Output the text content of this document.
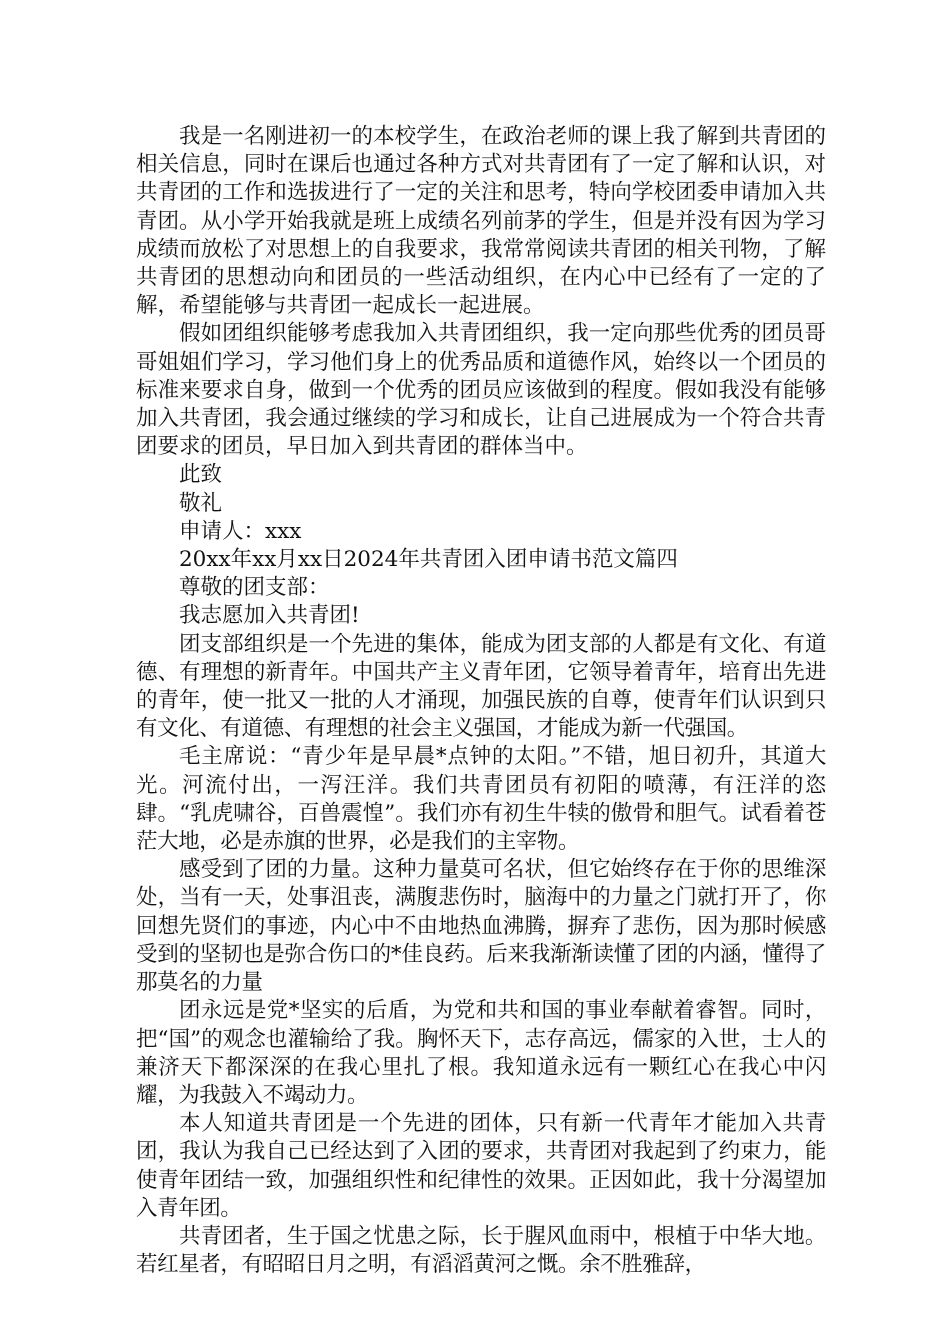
我是一名刚进初一的本校学生，在政治老师的课上我了解到共青团的相关信息，同时在课后也通过各种方式对共青团有了一定了解和认识，对共青团的工作和选拔进行了一定的关注和思考，特向学校团委申请加入共青团。从小学开始我就是班上成绩名列前茅的学生，但是并没有因为学习成绩而放松了对思想上的自我要求，我常常阅读共青团的相关刊物，了解共青团的思想动向和团员的一些活动组织，在内心中已经有了一定的了解，希望能够与共青团一起成长一起进展。

假如团组织能够考虑我加入共青团组织，我一定向那些优秀的团员哥哥姐姐们学习，学习他们身上的优秀品质和道德作风，始终以一个团员的标准来要求自身，做到一个优秀的团员应该做到的程度。假如我没有能够加入共青团，我会通过继续的学习和成长，让自己进展成为一个符合共青团要求的团员，早日加入到共青团的群体当中。

此致

敬礼

申请人：xxx

20xx年xx月xx日2024年共青团入团申请书范文篇四

尊敬的团支部：

我志愿加入共青团!

团支部组织是一个先进的集体，能成为团支部的人都是有文化、有道德、有理想的新青年。中国共产主义青年团，它领导着青年，培育出先进的青年，使一批又一批的人才涌现，加强民族的自尊，使青年们认识到只有文化、有道德、有理想的社会主义强国，才能成为新一代强国。

毛主席说：“青少年是早晨*点钟的太阳。”不错，旭日初升，其道大光。河流付出，一泻汪洋。我们共青团员有初阳的喷薄，有汪洋的恣肆。“乳虎啸谷，百兽震惶”。我们亦有初生牛犊的傲骨和胆气。试看着苍茫大地，必是赤旗的世界，必是我们的主宰物。

感受到了团的力量。这种力量莫可名状，但它始终存在于你的思维深处，当有一天，处事沮丧，满腹悲伤时，脑海中的力量之门就打开了，你回想先贤们的事迹，内心中不由地热血沸腾，摒弃了悲伤，因为那时候感受到的坚韧也是弥合伤口的*佳良药。后来我渐渐读懂了团的内涵，懂得了那莫名的力量

团永远是党*坚实的后盾，为党和共和国的事业奉献着睿智。同时，把“国”的观念也灌输给了我。胸怀天下，志存高远，儒家的入世，士人的兼济天下都深深的在我心里扎了根。我知道永远有一颗红心在我心中闪耀，为我鼓入不竭动力。

本人知道共青团是一个先进的团体，只有新一代青年才能加入共青团，我认为我自己已经达到了入团的要求，共青团对我起到了约束力，能使青年团结一致，加强组织性和纪律性的效果。正因如此，我十分渴望加入青年团。

共青团者，生于国之忧患之际，长于腥风血雨中，根植于中华大地。若红星者，有昭昭日月之明，有滔滔黄河之慨。余不胜雅辞，
